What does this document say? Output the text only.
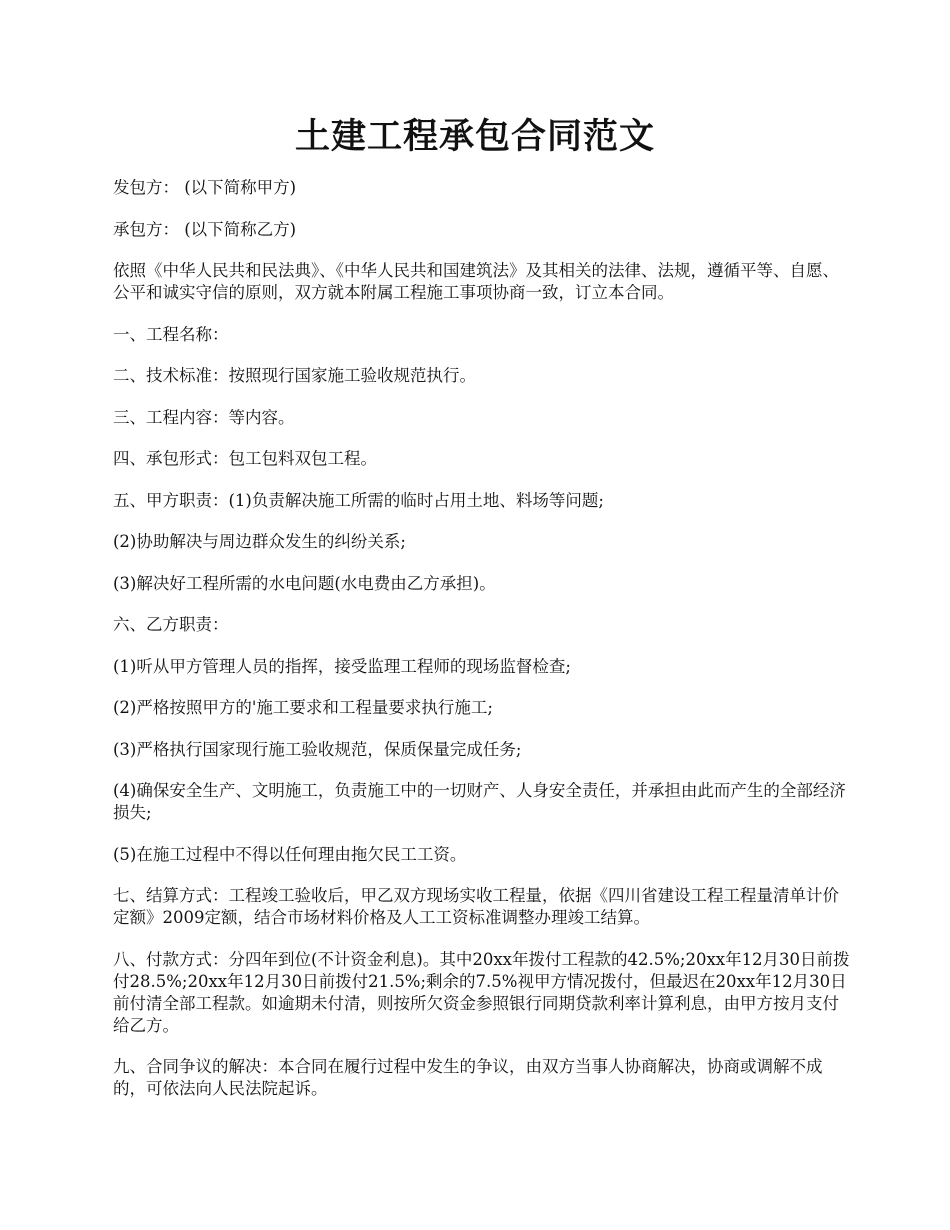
土建工程承包合同范文

发包方： (以下简称甲方)

承包方： (以下简称乙方)

依照《中华人民共和民法典》、《中华人民共和国建筑法》及其相关的法律、法规，遵循平等、自愿、公平和诚实守信的原则，双方就本附属工程施工事项协商一致，订立本合同。

一、工程名称：

二、技术标准：按照现行国家施工验收规范执行。

三、工程内容：等内容。

四、承包形式：包工包料双包工程。

五、甲方职责：(1)负责解决施工所需的临时占用土地、料场等问题;

(2)协助解决与周边群众发生的纠纷关系;

(3)解决好工程所需的水电问题(水电费由乙方承担)。

六、乙方职责：

(1)听从甲方管理人员的指挥，接受监理工程师的现场监督检查;

(2)严格按照甲方的'施工要求和工程量要求执行施工;

(3)严格执行国家现行施工验收规范，保质保量完成任务;

(4)确保安全生产、文明施工，负责施工中的一切财产、人身安全责任，并承担由此而产生的全部经济损失;

(5)在施工过程中不得以任何理由拖欠民工工资。

七、结算方式：工程竣工验收后，甲乙双方现场实收工程量，依据《四川省建设工程工程量清单计价定额》2009定额，结合市场材料价格及人工工资标准调整办理竣工结算。

八、付款方式：分四年到位(不计资金利息)。其中20xx年拨付工程款的42.5%;20xx年12月30日前拨付28.5%;20xx年12月30日前拨付21.5%;剩余的7.5%视甲方情况拨付，但最迟在20xx年12月30日前付清全部工程款。如逾期未付清，则按所欠资金参照银行同期贷款利率计算利息，由甲方按月支付给乙方。

九、合同争议的解决：本合同在履行过程中发生的争议，由双方当事人协商解决，协商或调解不成的，可依法向人民法院起诉。
